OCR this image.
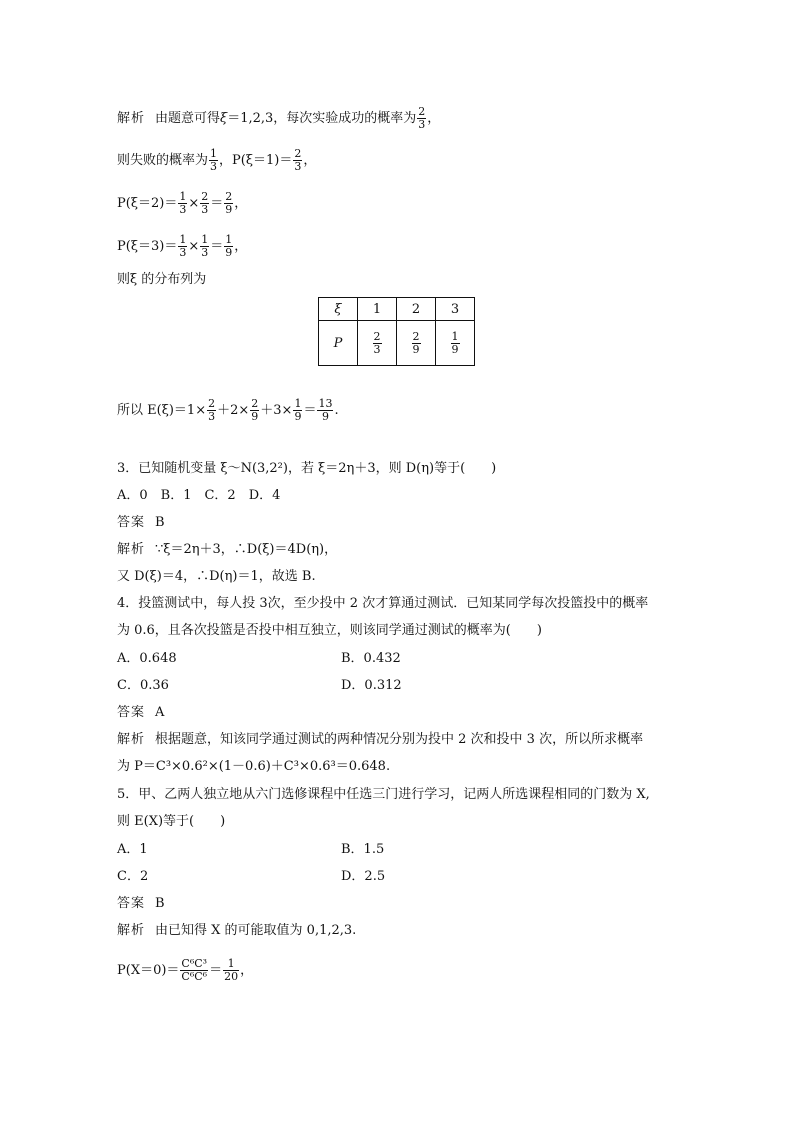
解析 由题意可得ξ＝1,2,3，每次实验成功的概率为 $\frac{2}{3}$ ，
则失败的概率为 $\frac{1}{3}$ ，$P(\xi=1)= \frac{2}{3}$ ，
$P(\xi=2)= \frac{1}{3} \times \frac{2}{3} = \frac{2}{9}$ ，
$P(\xi=3)= \frac{1}{3} \times \frac{1}{3} = \frac{1}{9}$ ，
则ξ 的分布列为
ξ	1	2	3
P	$\frac{2}{3}$	$\frac{2}{9}$	$\frac{1}{9}$
所以 $E(\xi)=1\times \frac{2}{3} +2\times \frac{2}{9} +3\times \frac{1}{9} = \frac{13}{9}$ .
3．已知随机变量 ξ～N(3,2²)，若 ξ＝2η＋3，则 D(η)等于(　　)
A．0　B．1　C．2　D．4
答案 B
解析 ∵ξ＝2η＋3，∴D(ξ)＝4D(η)，
又 D(ξ)＝4，∴D(η)＝1，故选 B.
4．投篮测试中，每人投 3次，至少投中 2 次才算通过测试．已知某同学每次投篮投中的概率
为 0.6，且各次投篮是否投中相互独立，则该同学通过测试的概率为(　　)
A．0.648	B．0.432
C．0.36	D．0.312
答案 A
解析 根据题意，知该同学通过测试的两种情况分别为投中 2 次和投中 3 次，所以所求概率
为 P＝C³×0.6²×(1－0.6)＋C³×0.6³＝0.648.
5．甲、乙两人独立地从六门选修课程中任选三门进行学习，记两人所选课程相同的门数为 X,
则 E(X)等于(　　)
A．1	B．1.5
C．2	D．2.5
答案 B
解析 由已知得 X 的可能取值为 0,1,2,3.
$P(X=0)= \frac{\text{C⁶C³}}{\text{C⁶C⁶}} = \frac{1}{20}$ ，
